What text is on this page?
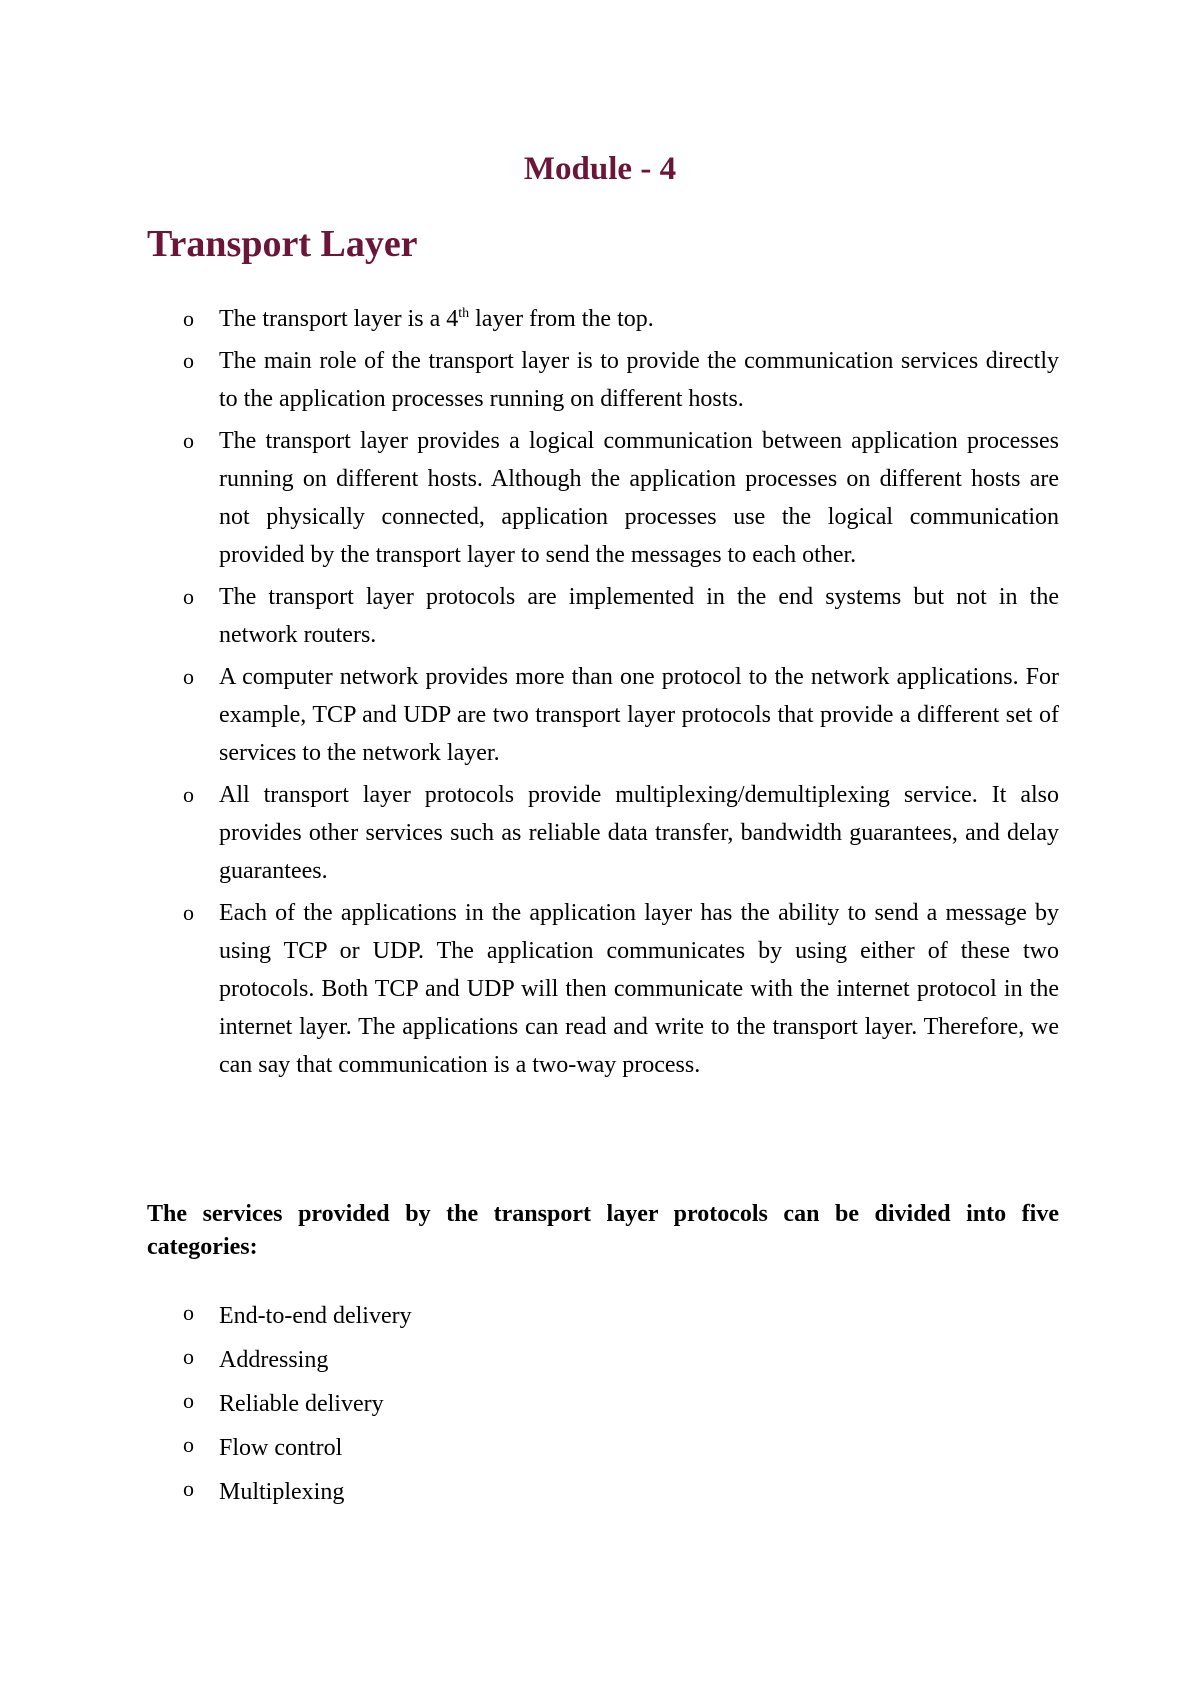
Module - 4
Transport Layer
o The transport layer is a 4th layer from the top.
o The main role of the transport layer is to provide the communication services directly to the application processes running on different hosts.
o The transport layer provides a logical communication between application processes running on different hosts. Although the application processes on different hosts are not physically connected, application processes use the logical communication provided by the transport layer to send the messages to each other.
o The transport layer protocols are implemented in the end systems but not in the network routers.
o A computer network provides more than one protocol to the network applications. For example, TCP and UDP are two transport layer protocols that provide a different set of services to the network layer.
o All transport layer protocols provide multiplexing/demultiplexing service. It also provides other services such as reliable data transfer, bandwidth guarantees, and delay guarantees.
o Each of the applications in the application layer has the ability to send a message by using TCP or UDP. The application communicates by using either of these two protocols. Both TCP and UDP will then communicate with the internet protocol in the internet layer. The applications can read and write to the transport layer. Therefore, we can say that communication is a two-way process.
The services provided by the transport layer protocols can be divided into five categories:
o End-to-end delivery
o Addressing
o Reliable delivery
o Flow control
o Multiplexing
